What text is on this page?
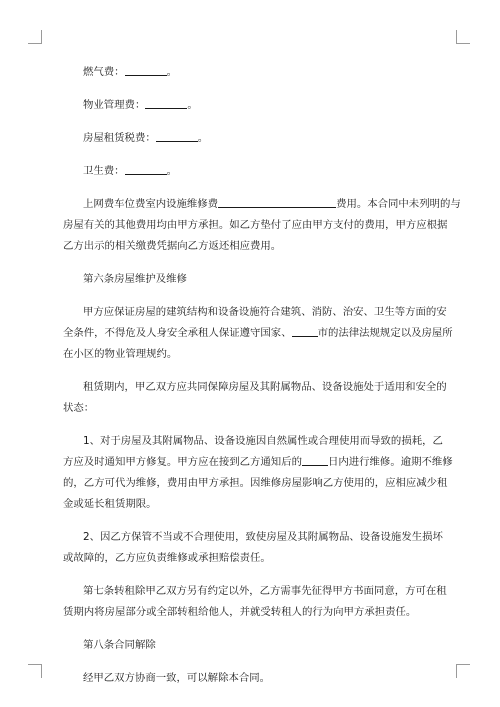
燃气费：	。

物业管理费：	。

房屋租赁税费：	。

卫生费：	。

上网费车位费室内设施维修费	费用。本合同中未列明的与

房屋有关的其他费用均由甲方承担。如乙方垫付了应由甲方支付的费用，甲方应根据

乙方出示的相关缴费凭据向乙方返还相应费用。

第六条房屋维护及维修

甲方应保证房屋的建筑结构和设备设施符合建筑、消防、治安、卫生等方面的安

全条件，不得危及人身安全承租人保证遵守国家、	市的法律法规规定以及房屋所

在小区的物业管理规约。

租赁期内，甲乙双方应共同保障房屋及其附属物品、设备设施处于适用和安全的

状态：

1、对于房屋及其附属物品、设备设施因自然属性或合理使用而导致的损耗，乙

方应及时通知甲方修复。甲方应在接到乙方通知后的	日内进行维修。逾期不维修

的，乙方可代为维修，费用由甲方承担。因维修房屋影响乙方使用的，应相应减少租

金或延长租赁期限。

2、因乙方保管不当或不合理使用，致使房屋及其附属物品、设备设施发生损坏

或故障的，乙方应负责维修或承担赔偿责任。

第七条转租除甲乙双方另有约定以外，乙方需事先征得甲方书面同意，方可在租

赁期内将房屋部分或全部转租给他人，并就受转租人的行为向甲方承担责任。

第八条合同解除

经甲乙双方协商一致，可以解除本合同。
